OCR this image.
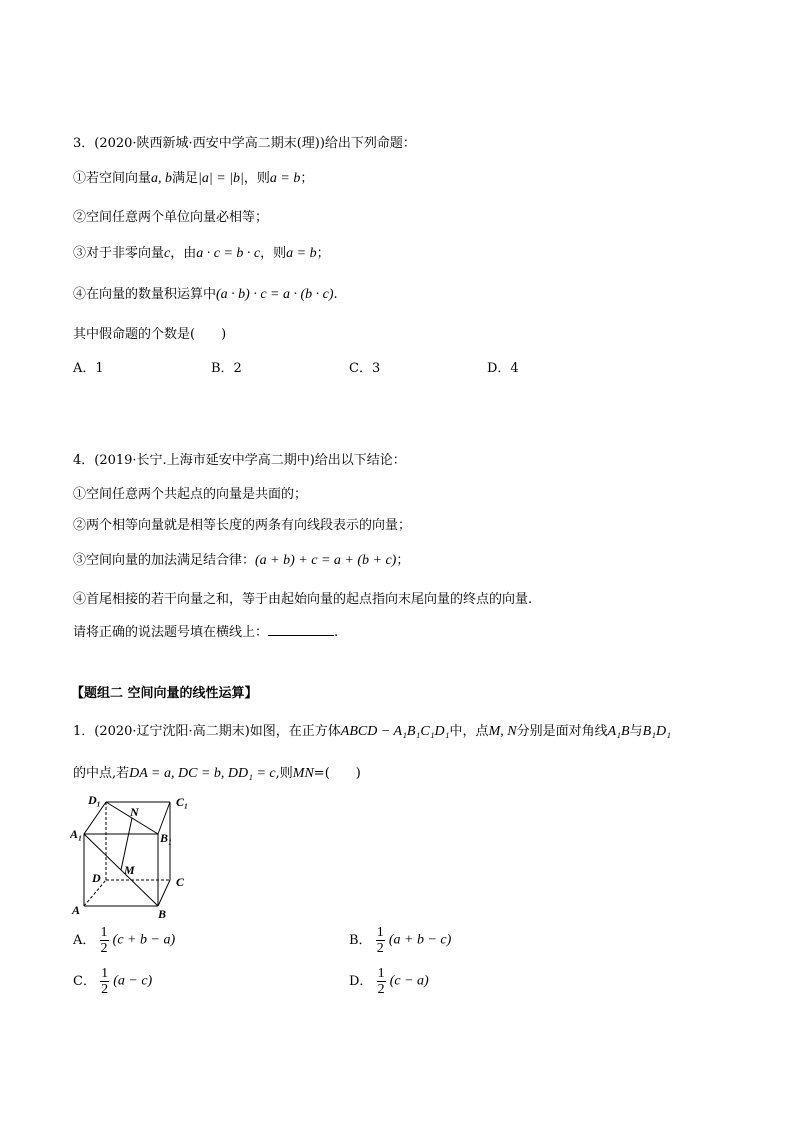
3．(2020·陕西新城·西安中学高二期末(理))给出下列命题：
①若空间向量a, b满足|a| = |b|，则a = b；
②空间任意两个单位向量必相等；
③对于非零向量c，由a · c = b · c，则a = b；
④在向量的数量积运算中(a · b) · c = a · (b · c).
其中假命题的个数是(　　)
A．1	B．2	C．3	D．4
4．(2019·长宁.上海市延安中学高二期中)给出以下结论：
①空间任意两个共起点的向量是共面的；
②两个相等向量就是相等长度的两条有向线段表示的向量；
③空间向量的加法满足结合律：(a + b) + c = a + (b + c)；
④首尾相接的若干向量之和，等于由起始向量的起点指向末尾向量的终点的向量.
请将正确的说法题号填在横线上：	.
【题组二 空间向量的线性运算】
1．(2020·辽宁沈阳·高二期末)如图，在正方体ABCD − A₁B₁C₁D₁中，点M, N分别是面对角线A₁B与B₁D₁
的中点,若DA = a, DC = b, DD₁ = c,则MN=(　　)
D₁	C₁
N
A₁	B₁
M
D	C
A	B
A． $\frac{1}{2} (c + b - a)$	B． $\frac{1}{2} (a + b - c)$
C． $\frac{1}{2} (a - c)$	D． $\frac{1}{2} (c - a)$
